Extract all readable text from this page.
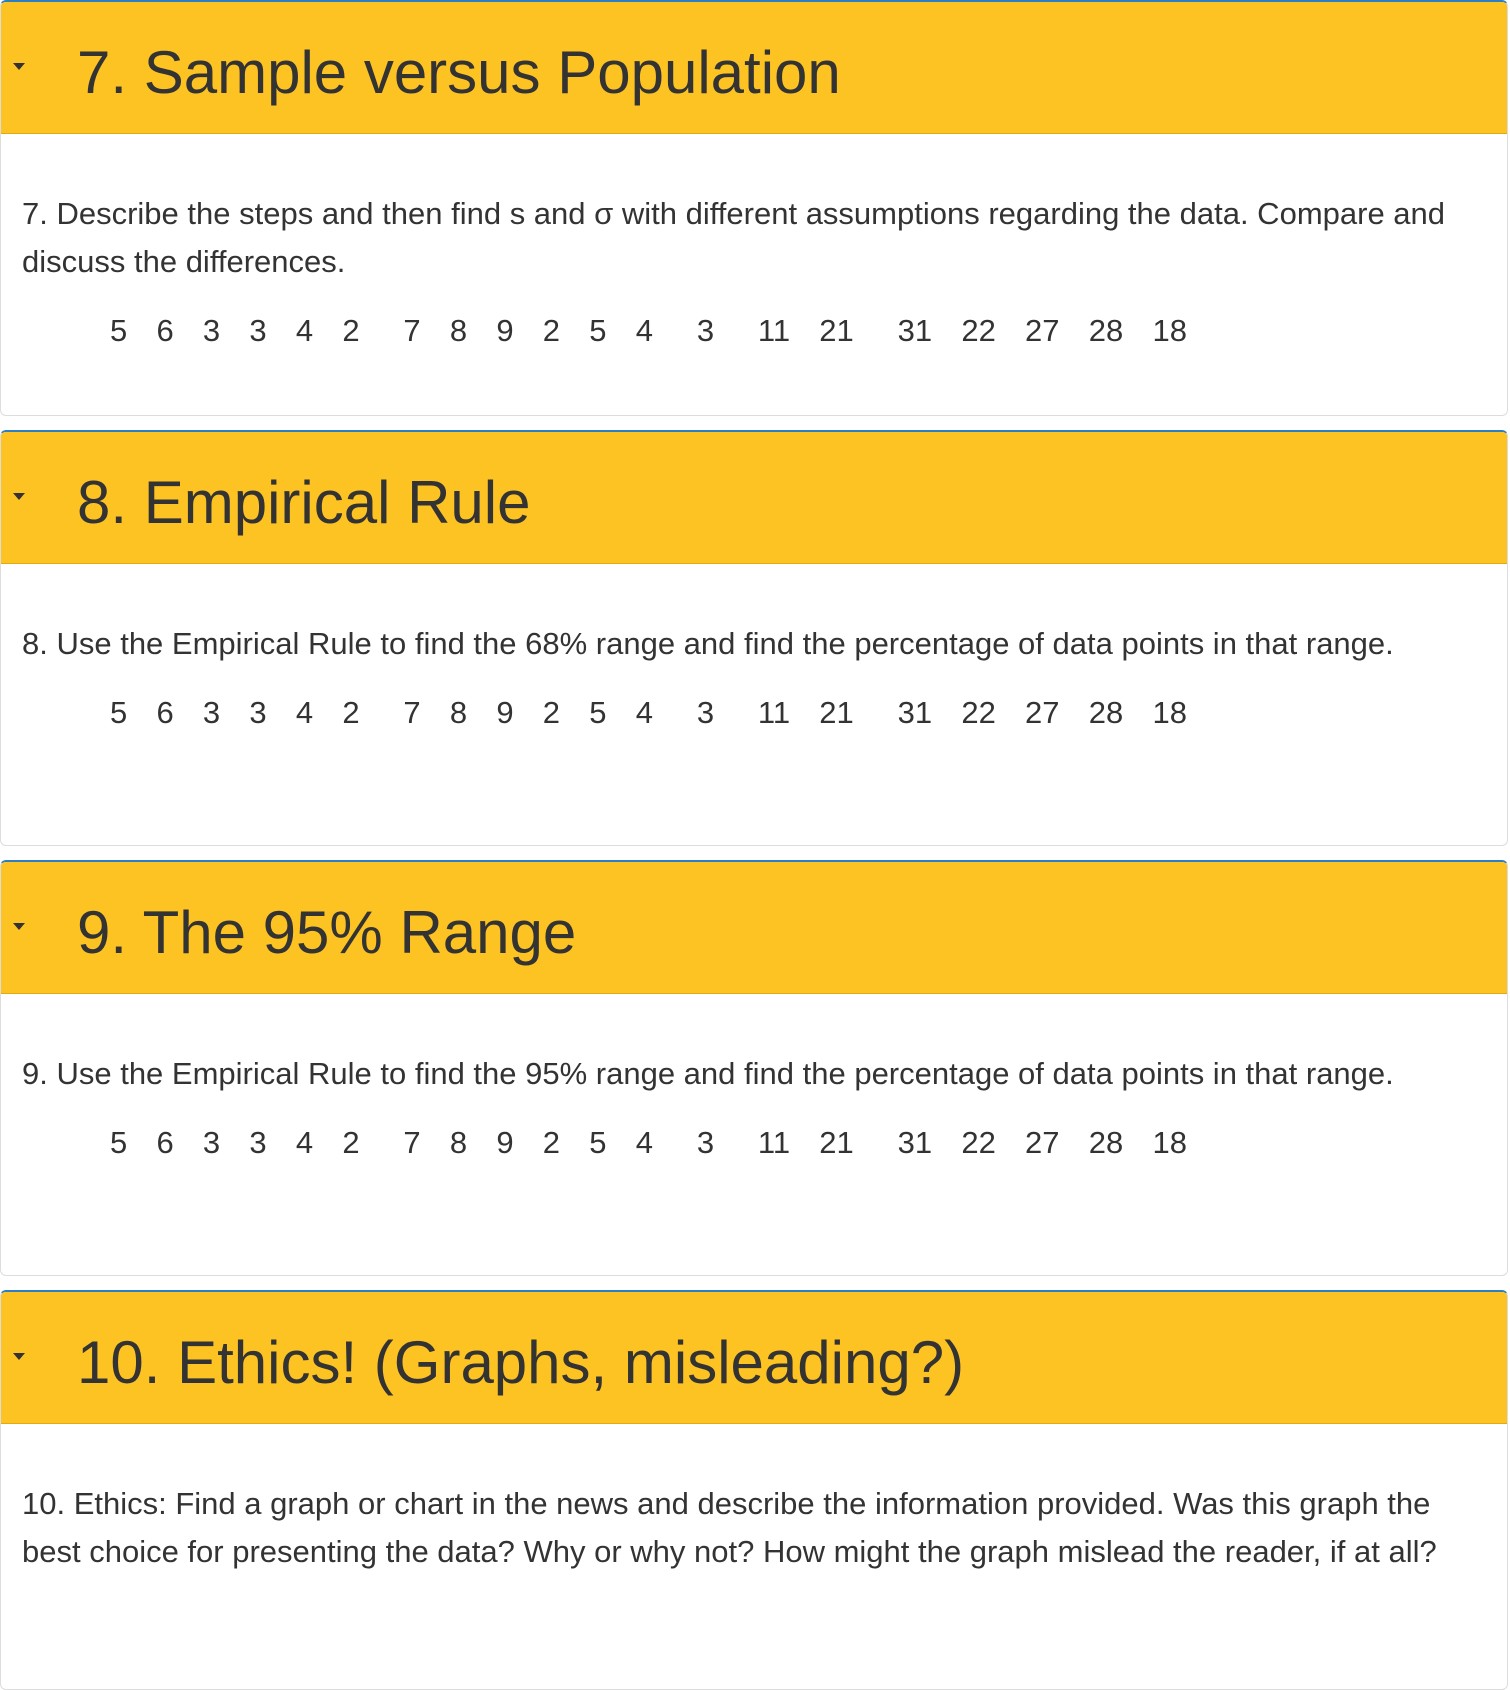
7. Sample versus Population

7. Describe the steps and then find s and σ with different assumptions regarding the data. Compare and discuss the differences.

5  6  3  3  4  2   7  8  9  2  5  4   3   11  21   31  22  27  28  18
8. Empirical Rule

8. Use the Empirical Rule to find the 68% range and find the percentage of data points in that range.

5  6  3  3  4  2   7  8  9  2  5  4   3   11  21   31  22  27  28  18
9. The 95% Range

9. Use the Empirical Rule to find the 95% range and find the percentage of data points in that range.

5  6  3  3  4  2   7  8  9  2  5  4   3   11  21   31  22  27  28  18
10. Ethics! (Graphs, misleading?)

10. Ethics: Find a graph or chart in the news and describe the information provided. Was this graph the best choice for presenting the data? Why or why not? How might the graph mislead the reader, if at all?
